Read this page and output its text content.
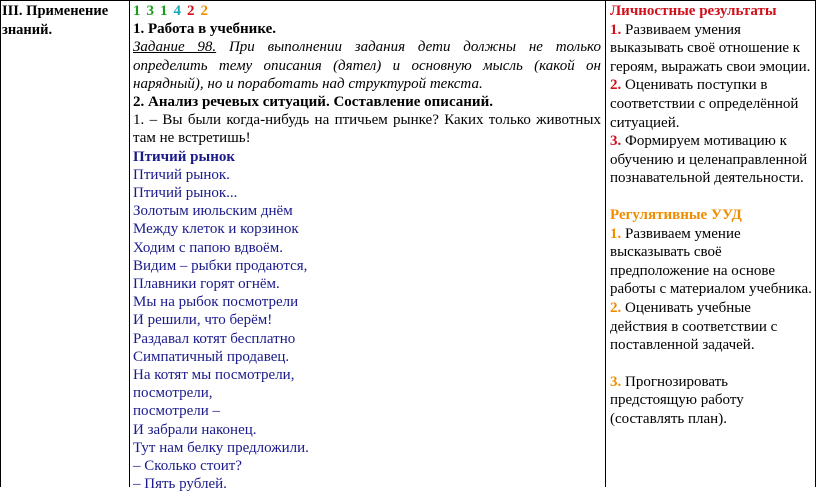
III. Применение знаний.
1 3 1 4 2 2
1. Работа в учебнике.

Задание 98. При выполнении задания дети должны не только определить тему описания (дятел) и основную мысль (какой он нарядный), но и поработать над структурой текста.

2. Анализ речевых ситуаций. Составление описаний.

1. – Вы были когда-нибудь на птичьем рынке? Каких только животных там не встретишь!

Птичий рынок
Птичий рынок.
Птичий рынок...
Золотым июльским днём
Между клеток и корзинок
Ходим с папою вдвоём.
Видим – рыбки продаются,
Плавники горят огнём.
Мы на рыбок посмотрели
И решили, что берём!
Раздавал котят бесплатно
Симпатичный продавец.
На котят мы посмотрели,
посмотрели,
посмотрели –
И забрали наконец.
Тут нам белку предложили.
– Сколько стоит?
– Пять рублей.
Личностные результаты

1. Развиваем умения выказывать своё отношение к героям, выражать свои эмоции.

2. Оценивать поступки в соответствии с определённой ситуацией.

3. Формируем мотивацию к обучению и целенаправленной познавательной деятельности.

Регулятивные УУД

1. Развиваем умение высказывать своё предположение на основе работы с материалом учебника.

2. Оценивать учебные действия в соответствии с поставленной задачей.

3. Прогнозировать предстоящую работу (составлять план).
